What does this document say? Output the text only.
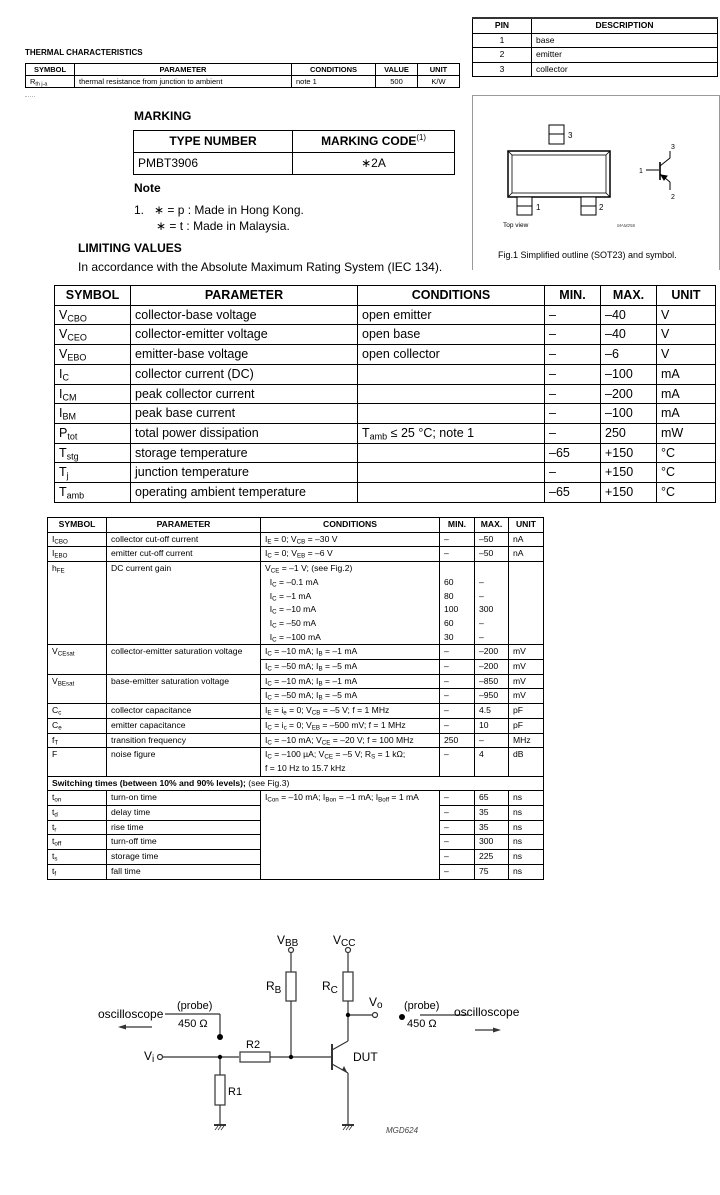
THERMAL CHARACTERISTICS
SYMBOL	PARAMETER	CONDITIONS	VALUE	UNIT
$R_{th j-a}$	thermal resistance from junction to ambient	note 1	500	K/W
PIN	DESCRIPTION
1	base
2	emitter
3	collector
3
1	2
Top view	MAM256
1
3
2
Fig.1 Simplified outline (SOT23) and symbol.
MARKING
TYPE NUMBER	MARKING CODE$^{(1)}$
PMBT3906	∗2A
Note
1.   ∗ = p : Made in Hong Kong.
∗ = t : Made in Malaysia.
LIMITING VALUES
In accordance with the Absolute Maximum Rating System (IEC 134).
SYMBOL	PARAMETER	CONDITIONS	MIN.	MAX.	UNIT
$V_{CBO}$	collector-base voltage	open emitter	–	–40	V
$V_{CEO}$	collector-emitter voltage	open base	–	–40	V
$V_{EBO}$	emitter-base voltage	open collector	–	–6	V
$I_C$	collector current (DC)		–	–100	mA
$I_{CM}$	peak collector current		–	–200	mA
$I_{BM}$	peak base current		–	–100	mA
$P_{tot}$	total power dissipation	$T_{amb} \le 25$ °C; note 1	–	250	mW
$T_{stg}$	storage temperature		–65	+150	°C
$T_j$	junction temperature		–	+150	°C
$T_{amb}$	operating ambient temperature		–65	+150	°C
SYMBOL	PARAMETER	CONDITIONS	MIN.	MAX.	UNIT
$I_{CBO}$	collector cut-off current	$I_E = 0$; $V_{CB} = -30$ V	–	–50	nA
$I_{EBO}$	emitter cut-off current	$I_C = 0$; $V_{EB} = -6$ V	–	–50	nA
$h_{FE}$	DC current gain	$V_{CE} = -1$ V; (see Fig.2)			
		$I_C = -0.1$ mA	60	–	
		$I_C = -1$ mA	80	–	
		$I_C = -10$ mA	100	300	
		$I_C = -50$ mA	60	–	
		$I_C = -100$ mA	30	–	
$V_{CEsat}$	collector-emitter saturation voltage	$I_C = -10$ mA; $I_B = -1$ mA	–	–200	mV
		$I_C = -50$ mA; $I_B = -5$ mA	–	–200	mV
$V_{BEsat}$	base-emitter saturation voltage	$I_C = -10$ mA; $I_B = -1$ mA	–	–850	mV
		$I_C = -50$ mA; $I_B = -5$ mA	–	–950	mV
$C_c$	collector capacitance	$I_E = i_e = 0$; $V_{CB} = -5$ V; f = 1 MHz	–	4.5	pF
$C_e$	emitter capacitance	$I_C = i_c = 0$; $V_{EB} = -500$ mV; f = 1 MHz	–	10	pF
$f_T$	transition frequency	$I_C = -10$ mA; $V_{CE} = -20$ V; f = 100 MHz	250	–	MHz
F	noise figure	$I_C = -100$ µA; $V_{CE} = -5$ V; $R_S = 1$ kΩ;
f = 10 Hz to 15.7 kHz	–	4	dB
Switching times (between 10% and 90% levels); (see Fig.3)					
$t_{on}$	turn-on time	$I_{Con} = -10$ mA; $I_{Bon} = -1$ mA; $I_{Boff} = 1$ mA	–	65	ns
$t_d$	delay time		–	35	ns
$t_r$	rise time		–	35	ns
$t_{off}$	turn-off time		–	300	ns
$t_s$	storage time		–	225	ns
$t_f$	fall time		–	75	ns
VBB	VCC
$R_B$	$R_C$
Vo
Vi
R2
R1
DUT
oscilloscope
(probe)
450 Ω
(probe)
450 Ω
oscilloscope
MGD624
